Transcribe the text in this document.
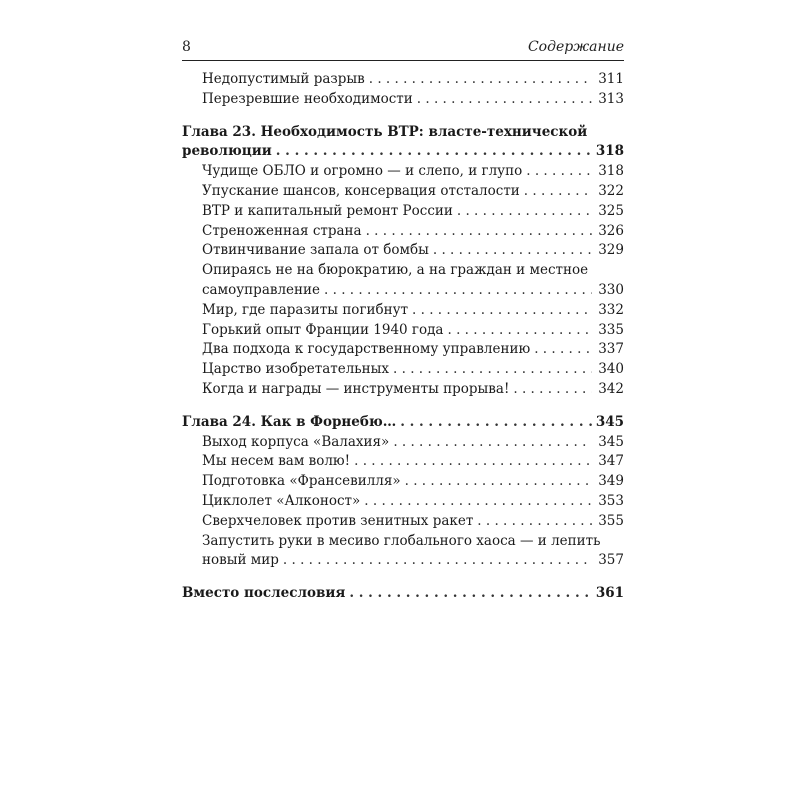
8	Содержание
Недопустимый разрыв . . .	311
Перезревшие необходимости . . .	313
Глава 23. Необходимость ВТР: власте-технической
революции . . .	318
Чудище ОБЛО и огромно — и слепо, и глупо . . .	318
Упускание шансов, консервация отсталости . . .	322
ВТР и капитальный ремонт России . . .	325
Стреноженная страна . . .	326
Отвинчивание запала от бомбы . . .	329
Опираясь не на бюрократию, а на граждан и местное
самоуправление . . .	330
Мир, где паразиты погибнут . . .	332
Горький опыт Франции 1940 года . . .	335
Два подхода к государственному управлению . . .	337
Царство изобретательных . . .	340
Когда и награды — инструменты прорыва! . . .	342
Глава 24. Как в Форнебю… . . .	345
Выход корпуса «Валахия» . . .	345
Мы несем вам волю! . . .	347
Подготовка «Франсевилля» . . .	349
Циклолет «Алконост» . . .	353
Сверхчеловек против зенитных ракет . . .	355
Запустить руки в месиво глобального хаоса — и лепить
новый мир . . .	357
Вместо послесловия . . .	361
